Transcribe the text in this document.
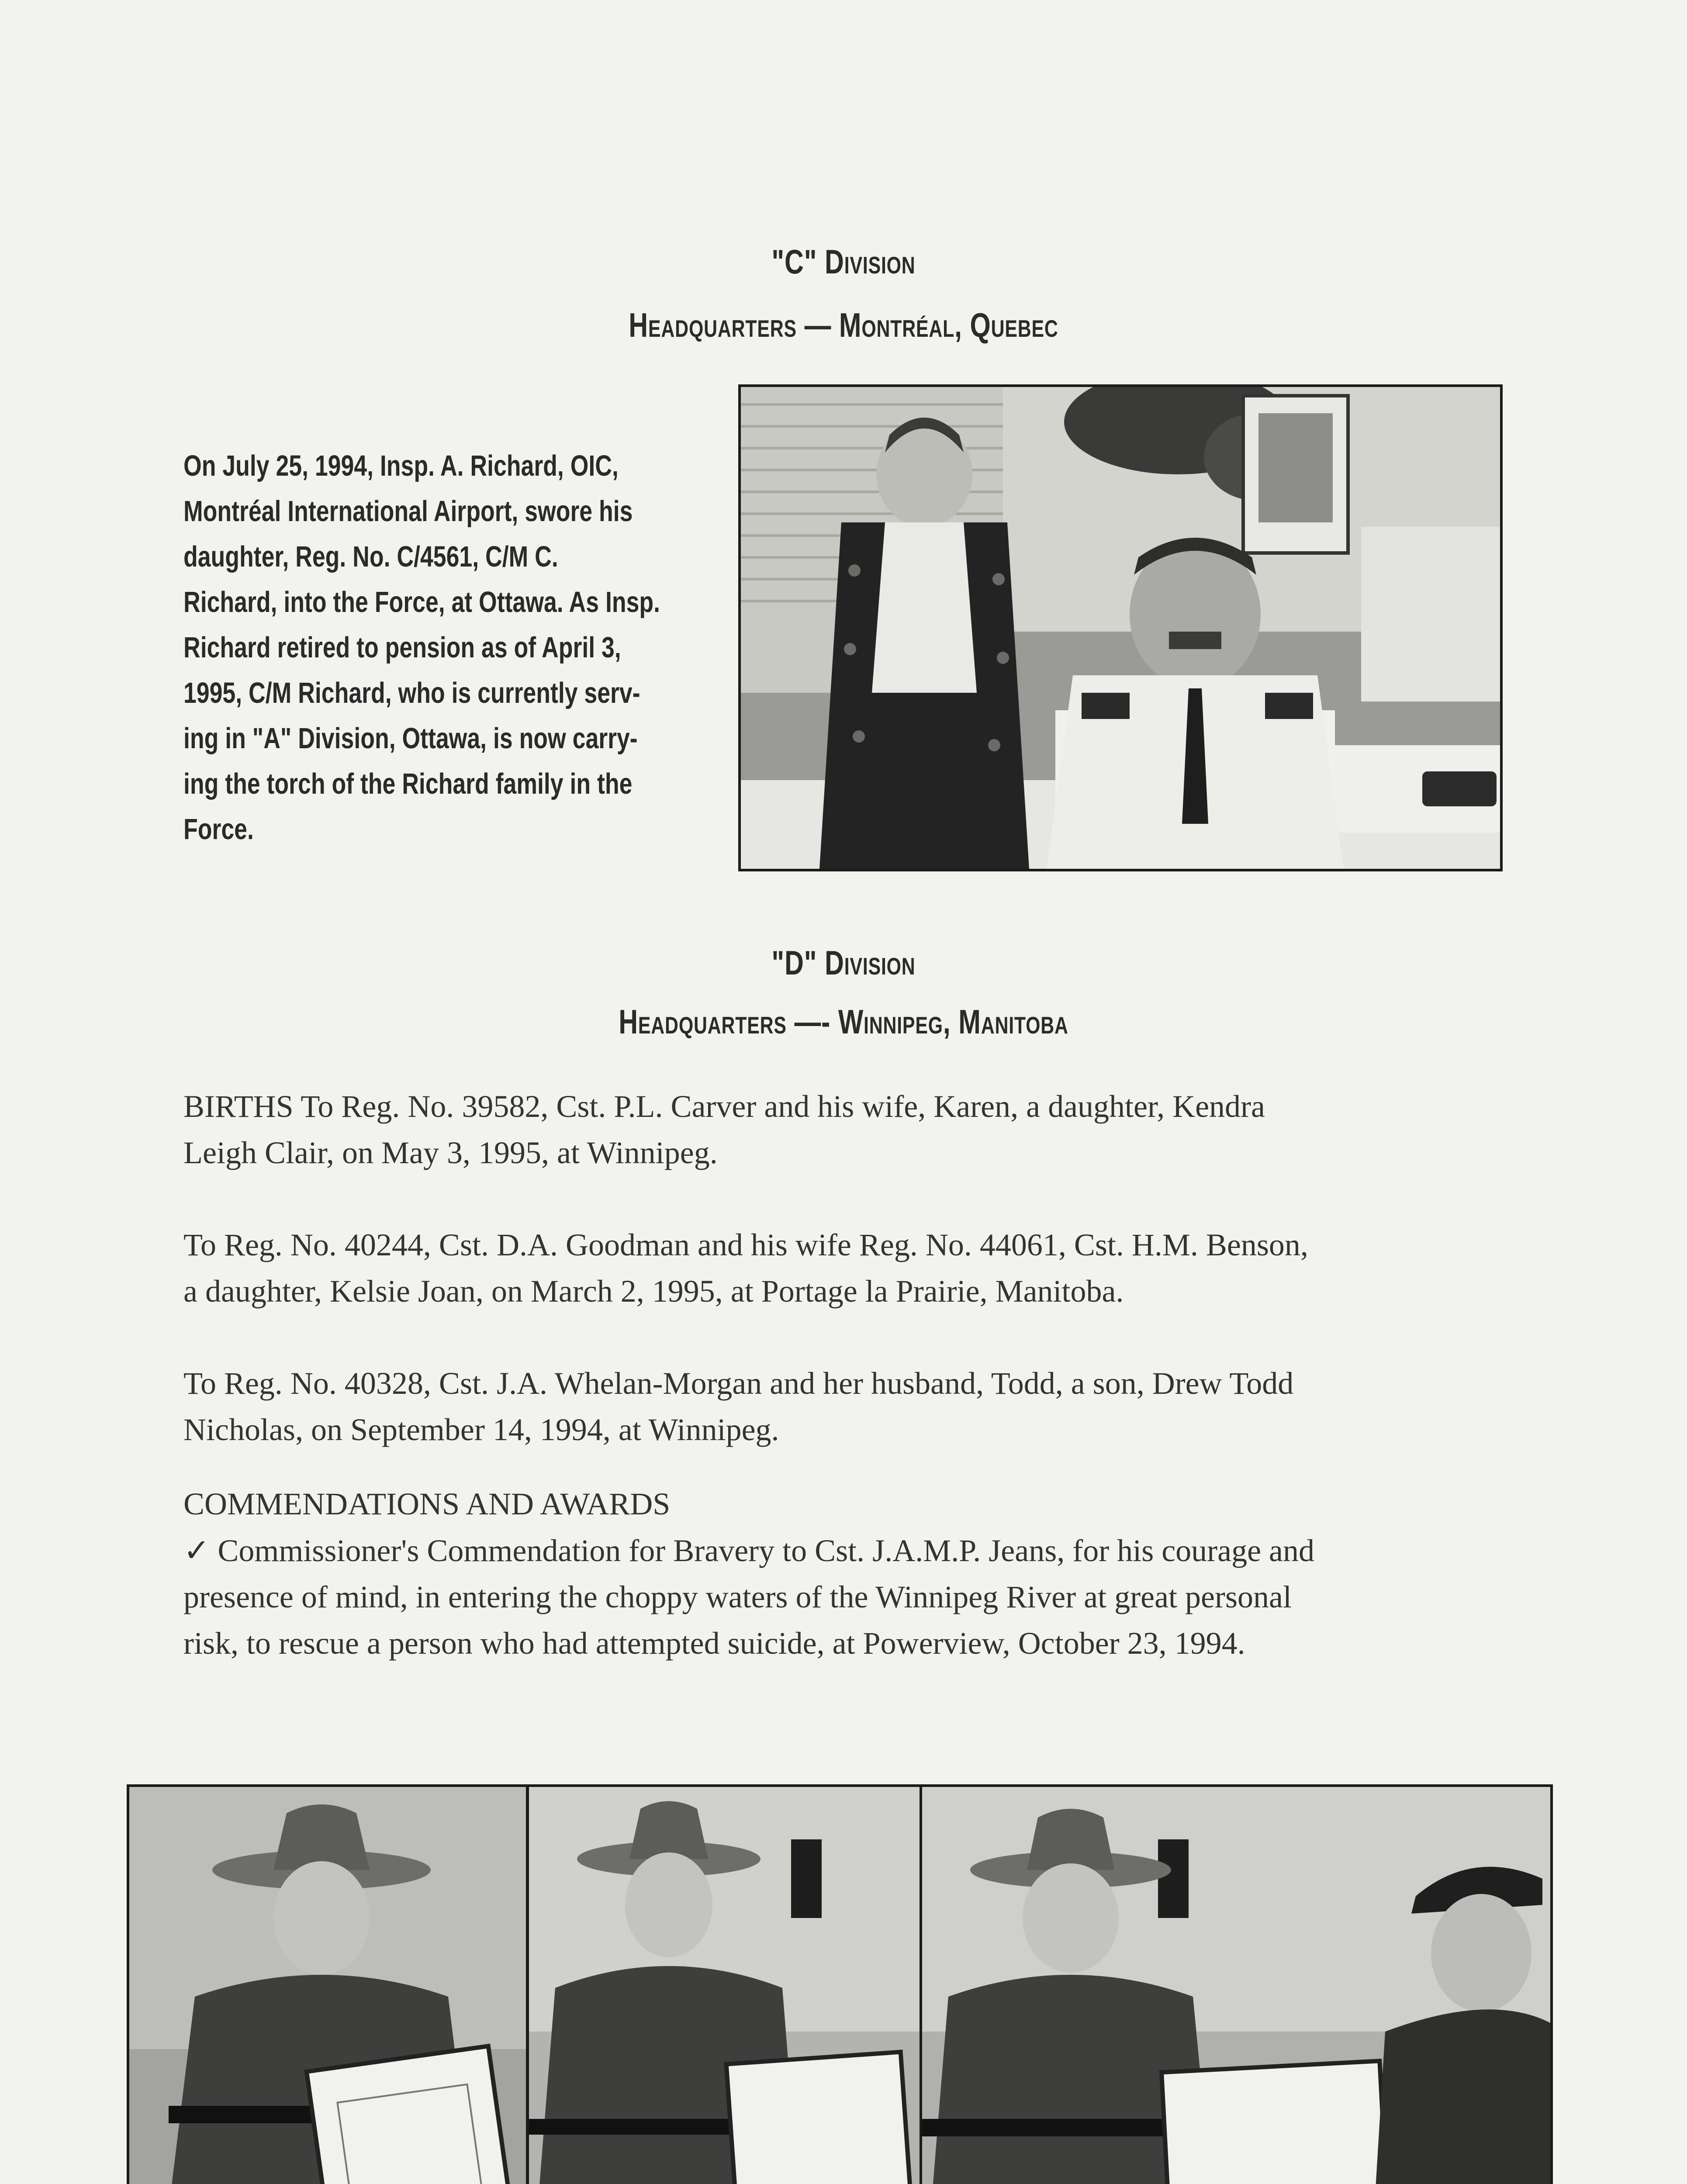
"C" Division
Headquarters — Montréal, Quebec
On July 25, 1994, Insp. A. Richard, OIC,
Montréal International Airport, swore his
daughter, Reg. No. C/4561, C/M C.
Richard, into the Force, at Ottawa. As Insp.
Richard retired to pension as of April 3,
1995, C/M Richard, who is currently serv-
ing in "A" Division, Ottawa, is now carry-
ing the torch of the Richard family in the
Force.
"D" Division
Headquarters —- Winnipeg, Manitoba
BIRTHS To Reg. No. 39582, Cst. P.L. Carver and his wife, Karen, a daughter, Kendra
Leigh Clair, on May 3, 1995, at Winnipeg.
To Reg. No. 40244, Cst. D.A. Goodman and his wife Reg. No. 44061, Cst. H.M. Benson,
a daughter, Kelsie Joan, on March 2, 1995, at Portage la Prairie, Manitoba.
To Reg. No. 40328, Cst. J.A. Whelan-Morgan and her husband, Todd, a son, Drew Todd
Nicholas, on September 14, 1994, at Winnipeg.
COMMENDATIONS AND AWARDS
✓ Commissioner's Commendation for Bravery to Cst. J.A.M.P. Jeans, for his courage and
presence of mind, in entering the choppy waters of the Winnipeg River at great personal
risk, to rescue a person who had attempted suicide, at Powerview, October 23, 1994.
